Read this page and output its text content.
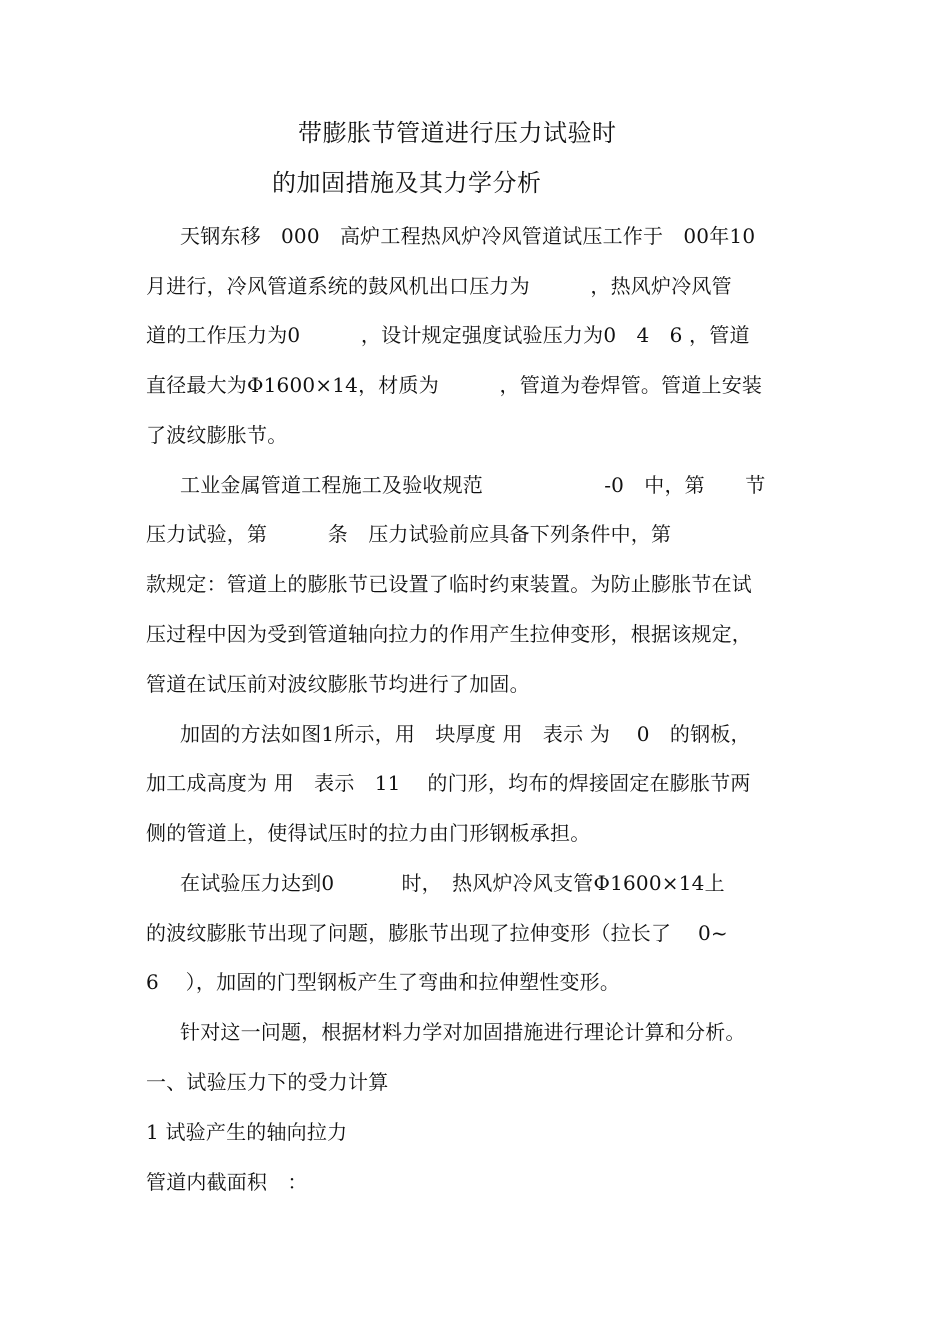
带膨胀节管道进行压力试验时
的加固措施及其力学分析
天钢东移　000　高炉工程热风炉冷风管道试压工作于　00年10
月进行，冷风管道系统的鼓风机出口压力为　　　，热风炉冷风管
道的工作压力为0　　　，设计规定强度试验压力为0　4　6 ，管道
直径最大为Φ1600×14，材质为　　　，管道为卷焊管。管道上安装
了波纹膨胀节。
工业金属管道工程施工及验收规范　　　　　　-0　中，第　　节
压力试验，第　　　条　压力试验前应具备下列条件中，第
款规定：管道上的膨胀节已设置了临时约束装置。为防止膨胀节在试
压过程中因为受到管道轴向拉力的作用产生拉伸变形，根据该规定，
管道在试压前对波纹膨胀节均进行了加固。
加固的方法如图1所示，用　块厚度 用　表示 为　 0　的钢板，
加工成高度为 用　表示　11　 的门形，均布的焊接固定在膨胀节两
侧的管道上，使得试压时的拉力由门形钢板承担。
在试验压力达到0　　　 时，　热风炉冷风支管Φ1600×14上
的波纹膨胀节出现了问题，膨胀节出现了拉伸变形（拉长了　 0~
6　 ），加固的门型钢板产生了弯曲和拉伸塑性变形。
针对这一问题，根据材料力学对加固措施进行理论计算和分析。
一、试验压力下的受力计算
1 试验产生的轴向拉力
管道内截面积　：
